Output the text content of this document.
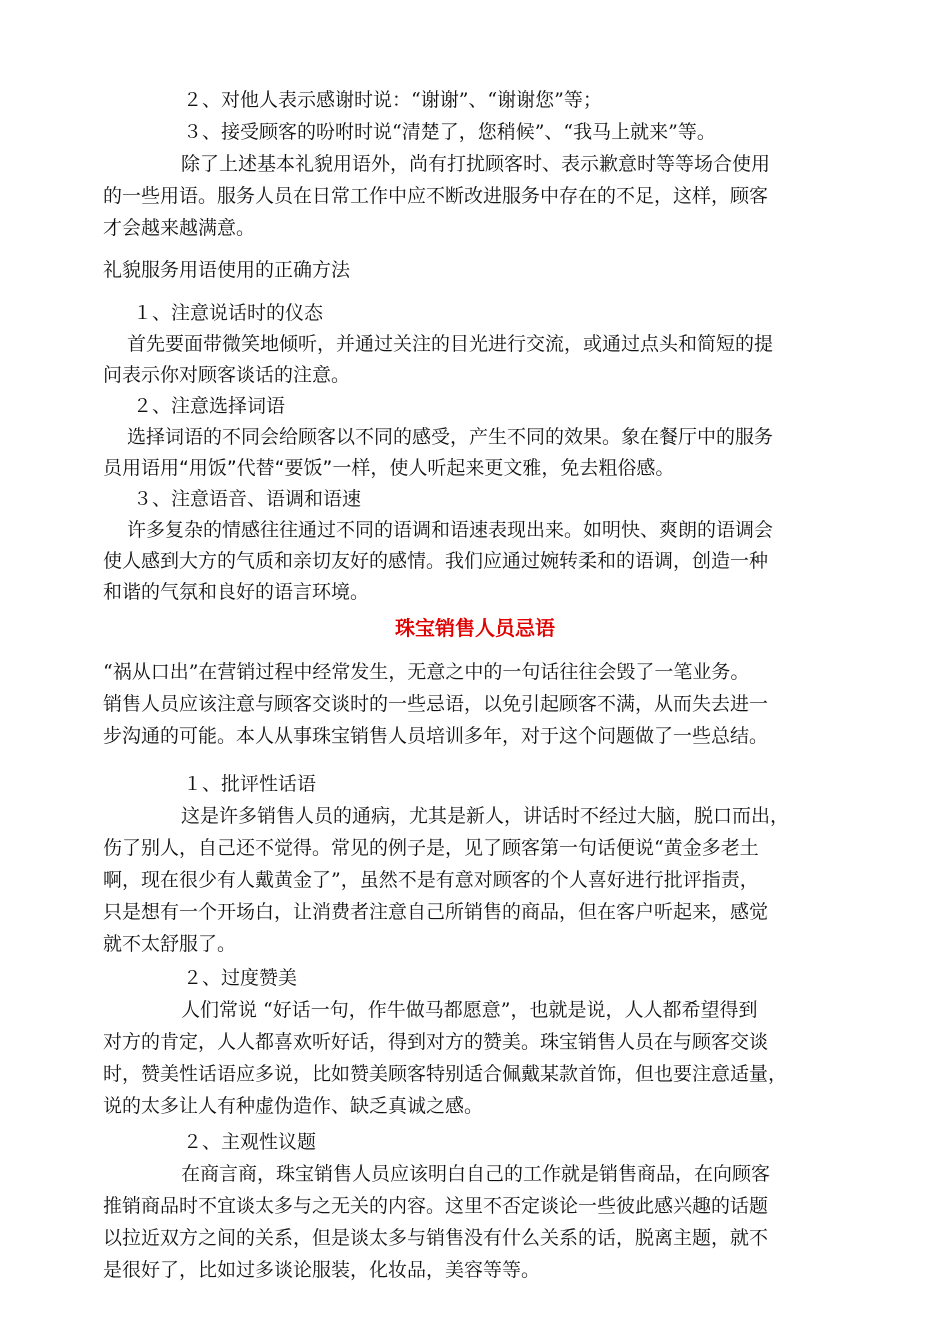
２、对他人表示感谢时说：“谢谢”、“谢谢您”等；
３、接受顾客的吩咐时说“清楚了，您稍候”、“我马上就来”等。
除了上述基本礼貌用语外，尚有打扰顾客时、表示歉意时等等场合使用
的一些用语。服务人员在日常工作中应不断改进服务中存在的不足，这样，顾客
才会越来越满意。
礼貌服务用语使用的正确方法
１、注意说话时的仪态
首先要面带微笑地倾听，并通过关注的目光进行交流，或通过点头和简短的提
问表示你对顾客谈话的注意。
２、注意选择词语
选择词语的不同会给顾客以不同的感受，产生不同的效果。象在餐厅中的服务
员用语用“用饭”代替“要饭”一样，使人听起来更文雅，免去粗俗感。
３、注意语音、语调和语速
许多复杂的情感往往通过不同的语调和语速表现出来。如明快、爽朗的语调会
使人感到大方的气质和亲切友好的感情。我们应通过婉转柔和的语调，创造一种
和谐的气氛和良好的语言环境。
珠宝销售人员忌语
“祸从口出”在营销过程中经常发生，无意之中的一句话往往会毁了一笔业务。
销售人员应该注意与顾客交谈时的一些忌语，以免引起顾客不满，从而失去进一
步沟通的可能。本人从事珠宝销售人员培训多年，对于这个问题做了一些总结。
１、批评性话语
这是许多销售人员的通病，尤其是新人，讲话时不经过大脑，脱口而出，
伤了别人，自己还不觉得。常见的例子是，见了顾客第一句话便说“黄金多老土
啊，现在很少有人戴黄金了”，虽然不是有意对顾客的个人喜好进行批评指责，
只是想有一个开场白，让消费者注意自己所销售的商品，但在客户听起来，感觉
就不太舒服了。
２、过度赞美
人们常说 “好话一句，作牛做马都愿意”，也就是说，人人都希望得到
对方的肯定，人人都喜欢听好话，得到对方的赞美。珠宝销售人员在与顾客交谈
时，赞美性话语应多说，比如赞美顾客特别适合佩戴某款首饰，但也要注意适量，
说的太多让人有种虚伪造作、缺乏真诚之感。
２、主观性议题
在商言商，珠宝销售人员应该明白自己的工作就是销售商品，在向顾客
推销商品时不宜谈太多与之无关的内容。这里不否定谈论一些彼此感兴趣的话题
以拉近双方之间的关系，但是谈太多与销售没有什么关系的话，脱离主题，就不
是很好了，比如过多谈论服装，化妆品，美容等等。
